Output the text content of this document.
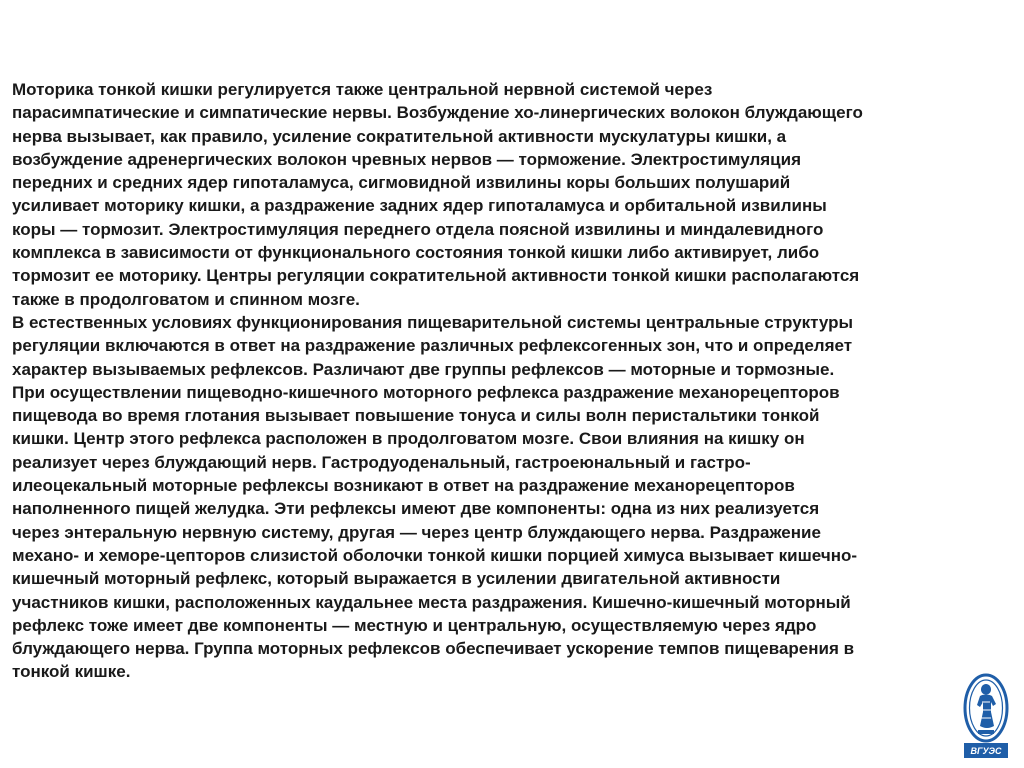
Моторика тонкой кишки регулируется также центральной нервной системой через
парасимпатические и симпатические нервы. Возбуждение хо-линергических волокон блуждающего
нерва вызывает, как правило, усиление сократительной активности мускулатуры кишки, а
возбуждение адренергических волокон чревных нервов — торможение. Электростимуляция
передних и средних ядер гипоталамуса, сигмовидной извилины коры больших полушарий
усиливает моторику кишки, а раздражение задних ядер гипоталамуса и орбитальной извилины
коры — тормозит. Электростимуляция переднего отдела поясной извилины и миндалевидного
комплекса в зависимости от функционального состояния тонкой кишки либо активирует, либо
тормозит ее моторику. Центры регуляции сократительной активности тонкой кишки располагаются
также в продолговатом и спинном мозге.
В естественных условиях функционирования пищеварительной системы центральные структуры
регуляции включаются в ответ на раздражение различных рефлексогенных зон, что и определяет
характер вызываемых рефлексов. Различают две группы рефлексов — моторные и тормозные.
При осуществлении пищеводно-кишечного моторного рефлекса раздражение механорецепторов
пищевода во время глотания вызывает повышение тонуса и силы волн перистальтики тонкой
кишки. Центр этого рефлекса расположен в продолговатом мозге. Свои влияния на кишку он
реализует через блуждающий нерв. Гастродуоденальный, гастроеюнальный и гастро-
илеоцекальный моторные рефлексы возникают в ответ на раздражение механорецепторов
наполненного пищей желудка. Эти рефлексы имеют две компоненты: одна из них реализуется
через энтеральную нервную систему, другая — через центр блуждающего нерва. Раздражение
механо- и хеморе-цепторов слизистой оболочки тонкой кишки порцией химуса вызывает кишечно-
кишечный моторный рефлекс, который выражается в усилении двигательной активности
участников кишки, расположенных каудальнее места раздражения. Кишечно-кишечный моторный
рефлекс тоже имеет две компоненты — местную и центральную, осуществляемую через ядро
блуждающего нерва. Группа моторных рефлексов обеспечивает ускорение темпов пищеварения в
тонкой кишке.
ВГУЭС
